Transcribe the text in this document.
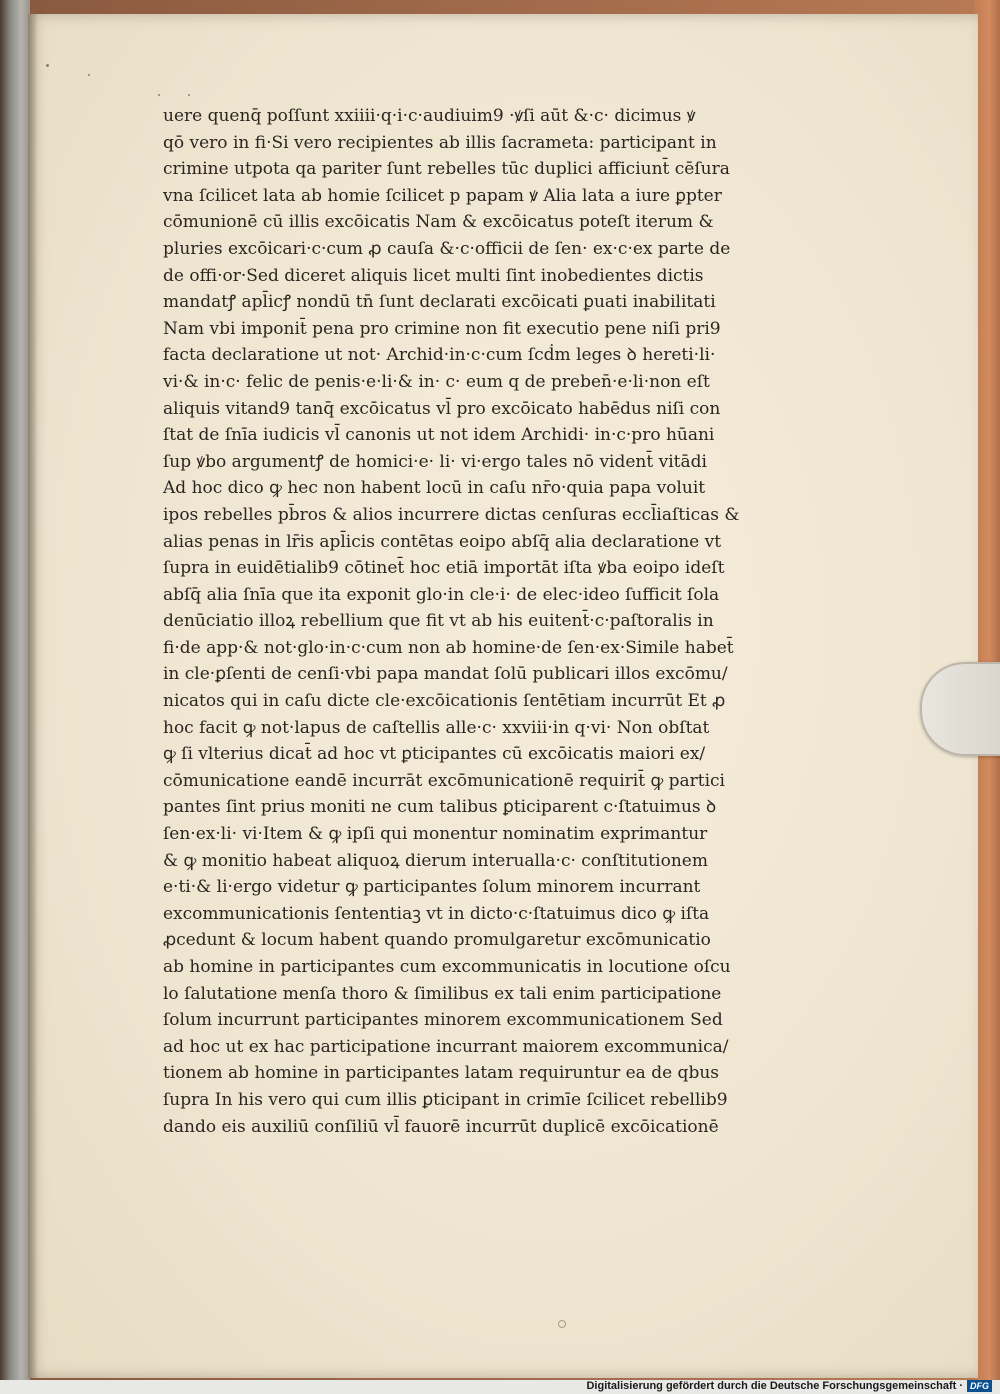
uere quenq̄ poſſunt xxiiii·q·i·c·audiuim9 ·ꝟſi aūt &·c· dicimus ꝟ
qō vero in fi·Si vero recipientes ab illis ſacrameta: participant in
crimine utpota qa pariter ſunt rebelles tūc duplici afficiunt̄ cēſura
vna ſcilicet lata ab homie ſcilicet p papam ꝟ Alia lata a iure ꝑpter
cōmunionē cū illis excōicatis Nam & excōicatus poteſt iterum &
pluries excōicari·c·cum ꝓ cauſa &·c·officii de ſen· ex·c·ex parte de
de offi·or·Sed diceret aliquis licet multi ſint inobedientes dictis
mandatꝭ apl̄icꝭ nondū tn̄ ſunt declarati excōicati ꝑuati inabilitati
Nam vbi imponit̄ pena pro crimine non fit executio pene niſi pri9
facta declaratione ut not· Archid·in·c·cum ſcḋm leges ꝺ hereti·li·
vi·& in·c· felic de penis·e·li·& in· c· eum q de preben̄·e·li·non eſt
aliquis vitand9 tanq̄ excōicatus vl̄ pro excōicato habēdus niſi con
ſtat de ſnīa iudicis vl̄ canonis ut not idem Archidi· in·c·pro hūani
ſup ꝟbo argumentꝭ de homici·e· li· vi·ergo tales nō vident̄ vitādi
Ad hoc dico ꝙ hec non habent locū in caſu nr̄o·quia papa voluit
ipos rebelles pb̄ros & alios incurrere dictas cenſuras eccl̄iaſticas &
alias penas in lr̄is apl̄icis contētas eoipo abſq̄ alia declaratione vt
ſupra in euidētialib9 cōtinet̄ hoc etiā importāt iſta ꝟba eoipo ideſt
abſq̄ alia ſnīa que ita exponit glo·in cle·i· de elec·ideo ſufficit ſola
denūciatio illoꝝ rebellium que fit vt ab his euitent̄·c·paſtoralis in
fi·de app·& not·glo·in·c·cum non ab homine·de ſen·ex·Simile habet̄
in cle·ꝑſenti de cenſi·vbi papa mandat ſolū publicari illos excōmu/
nicatos qui in caſu dicte cle·excōicationis ſentētiam incurrūt Et ꝓ
hoc facit ꝙ not·lapus de caſtellis alle·c· xxviii·in q·vi· Non obſtat
ꝙ ſi vlterius dicat̄ ad hoc vt ꝑticipantes cū excōicatis maiori ex/
cōmunicatione eandē incurrāt excōmunicationē requirit̄ ꝙ partici
pantes ſint prius moniti ne cum talibus ꝑticiparent c·ſtatuimus ꝺ
ſen·ex·li· vi·Item & ꝙ ipſi qui monentur nominatim exprimantur
& ꝙ monitio habeat aliquoꝝ dierum interualla·c· conſtitutionem
e·ti·& li·ergo videtur ꝙ participantes ſolum minorem incurrant
excommunicationis ſententiaꝫ vt in dicto·c·ſtatuimus dico ꝙ iſta
ꝓcedunt & locum habent quando promulgaretur excōmunicatio
ab homine in participantes cum excommunicatis in locutione oſcu
lo ſalutatione menſa thoro & ſimilibus ex tali enim participatione
ſolum incurrunt participantes minorem excommunicationem Sed
ad hoc ut ex hac participatione incurrant maiorem excommunica/
tionem ab homine in participantes latam requiruntur ea de qbus
ſupra In his vero qui cum illis ꝑticipant in crimīe ſcilicet rebellib9
dando eis auxiliū conſiliū vl̄ fauorē incurrūt duplicē excōicationē
Digitalisierung gefördert durch die Deutsche Forschungsgemeinschaft · DFG
